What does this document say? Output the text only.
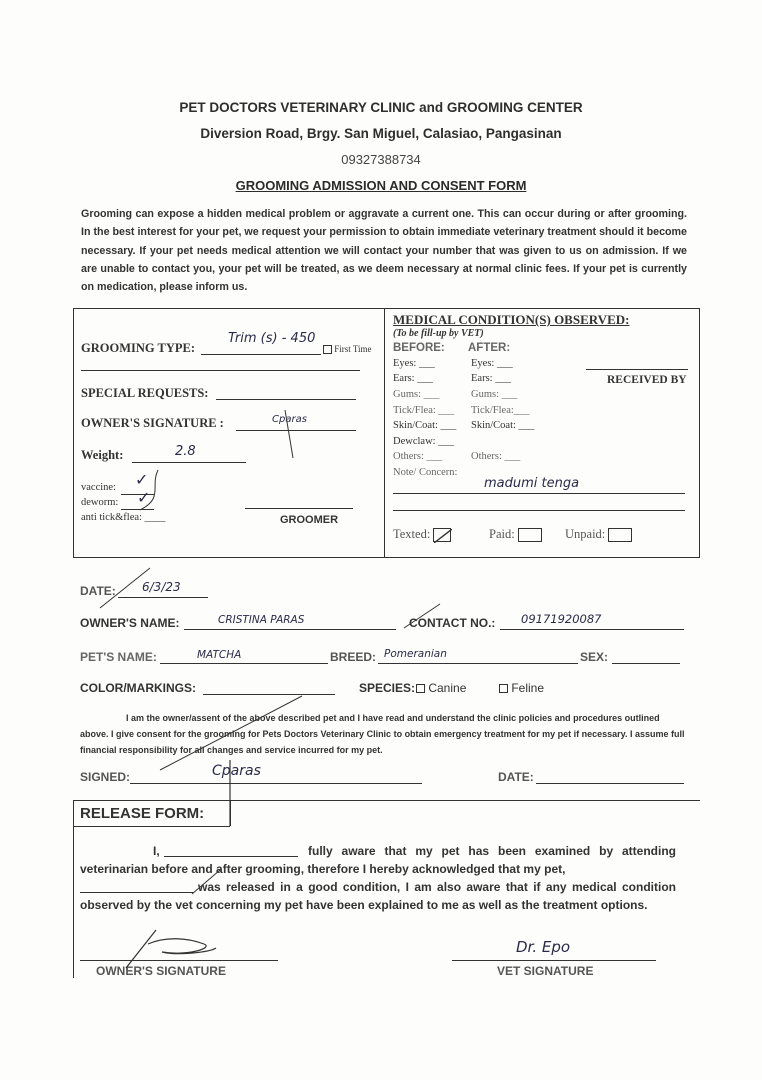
PET DOCTORS VETERINARY CLINIC and GROOMING CENTER
Diversion Road, Brgy. San Miguel, Calasiao, Pangasinan
09327388734
GROOMING ADMISSION AND CONSENT FORM
Grooming can expose a hidden medical problem or aggravate a current one. This can occur during or after grooming. In the best interest for your pet, we request your permission to obtain immediate veterinary treatment should it become necessary. If your pet needs medical attention we will contact your number that was given to us on admission. If we are unable to contact you, your pet will be treated, as we deem necessary at normal clinic fees. If your pet is currently on medication, please inform us.
GROOMING TYPE:
Trim (s) - 450
First Time
SPECIAL REQUESTS:
OWNER'S SIGNATURE :	Cparas
Weight:	2.8
vaccine: ✓
deworm: ✓
anti tick&flea: ____	GROOMER
MEDICAL CONDITION(S) OBSERVED:
(To be fill-up by VET)
BEFORE: AFTER:
Eyes: ___	Eyes: ___
Ears: ___	Ears: ___
Gums: ___	Gums: ___
Tick/Flea: ___ Tick/Flea:___
Skin/Coat: ___ Skin/Coat: ___
Dewclaw: ___
Others: ___	Others: ___
RECEIVED BY
Note/ Concern:
madumi tenga
Texted:	Paid:	Unpaid:
DATE: 6/3/23
OWNER'S NAME:	CRISTINA PARAS	CONTACT NO.: 09171920087
PET'S NAME:	MATCHA	BREED: Pomeranian	SEX:
COLOR/MARKINGS:	SPECIES:	Canine	Feline
I am the owner/assent of the above described pet and I have read and understand the clinic policies and procedures outlined above. I give consent for the grooming for Pets Doctors Veterinary Clinic to obtain emergency treatment for my pet if necessary. I assume full financial responsibility for all changes and service incurred for my pet.
SIGNED:	Cparas	DATE:
RELEASE FORM:
I,	fully aware that my pet has been examined by attending veterinarian before and after grooming, therefore I hereby acknowledged that my pet,
was released in a good condition, I am also aware that if any medical condition observed by the vet concerning my pet have been explained to me as well as the treatment options.
OWNER'S SIGNATURE	VET SIGNATURE
Dr. Epo
